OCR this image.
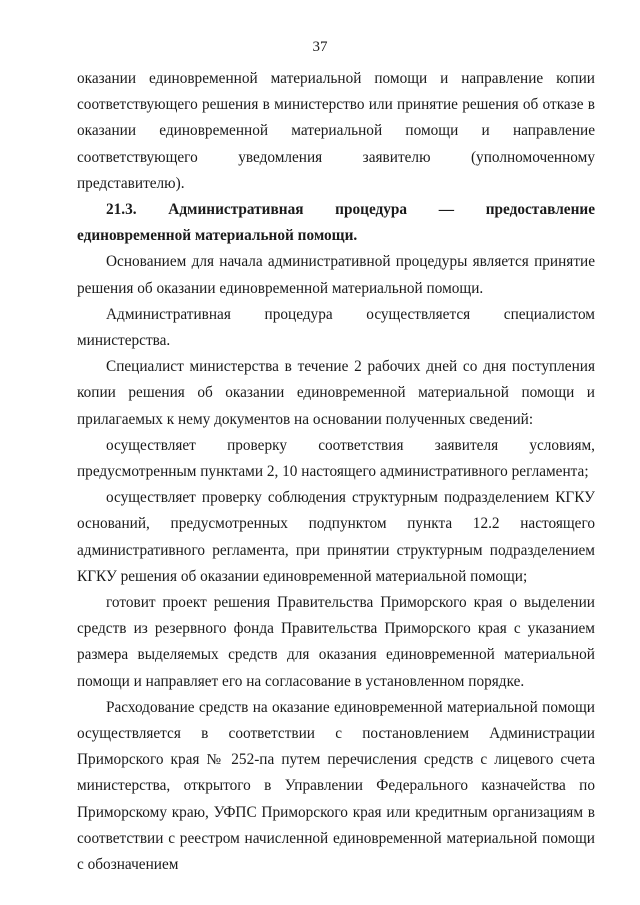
37

оказании единовременной материальной помощи и направление копии соответствующего решения в министерство или принятие решения об отказе в оказании единовременной материальной помощи и направление соответствующего уведомления заявителю (уполномоченному представителю).

21.3. Административная процедура — предоставление единовременной материальной помощи.

Основанием для начала административной процедуры является принятие решения об оказании единовременной материальной помощи.

Административная процедура осуществляется специалистом министерства.

Специалист министерства в течение 2 рабочих дней со дня поступления копии решения об оказании единовременной материальной помощи и прилагаемых к нему документов на основании полученных сведений:

осуществляет проверку соответствия заявителя условиям, предусмотренным пунктами 2, 10 настоящего административного регламента;

осуществляет проверку соблюдения структурным подразделением КГКУ оснований, предусмотренных подпунктом пункта 12.2 настоящего административного регламента, при принятии структурным подразделением КГКУ решения об оказании единовременной материальной помощи;

готовит проект решения Правительства Приморского края о выделении средств из резервного фонда Правительства Приморского края с указанием размера выделяемых средств для оказания единовременной материальной помощи и направляет его на согласование в установленном порядке.

Расходование средств на оказание единовременной материальной помощи осуществляется в соответствии с постановлением Администрации Приморского края № 252-па путем перечисления средств с лицевого счета министерства, открытого в Управлении Федерального казначейства по Приморскому краю, УФПС Приморского края или кредитным организациям в соответствии с реестром начисленной единовременной материальной помощи с обозначением
